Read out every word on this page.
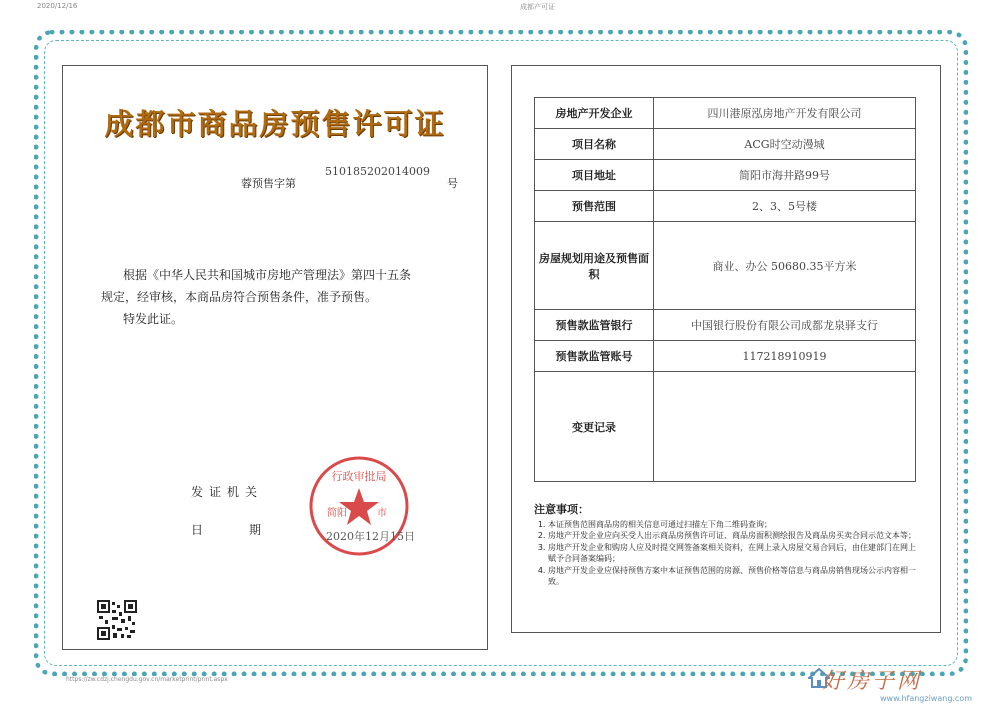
2020/12/16	成都产可证
成都市商品房预售许可证
蓉预售字第
510185202014009
号

根据《中华人民共和国城市房地产管理法》第四十五条

规定，经审核，本商品房符合预售条件，准予预售。

特发此证。

发证机关
日	期
行政审批局
简阳	市
2020年12月15日
房地产开发企业	四川港原泓房地产开发有限公司
项目名称	ACG时空动漫城
项目地址	简阳市海井路99号
预售范围	2、3、5号楼
房屋规划用途及预售面积	商业、办公 50680.35平方米
预售款监管银行	中国银行股份有限公司成都龙泉驿支行
预售款监管账号	117218910919
变更记录	
注意事项：
1. 本证预售范围商品房的相关信息可通过扫描左下角二维码查询；
2. 房地产开发企业应向买受人出示商品房预售许可证、商品房面积测绘报告及商品房买卖合同示范文本等；
3. 房地产开发企业和购房人应及时提交网签备案相关资料，在网上录入房屋交易合同后，由住建部门在网上赋予合同备案编码；
4. 房地产开发企业应保持预售方案中本证预售范围的房源、预售价格等信息与商品房销售现场公示内容相一致。
https://zw.cdzj.chengdu.gov.cn/marketprint/print.aspx	好房子网
www.hfangziwang.com
